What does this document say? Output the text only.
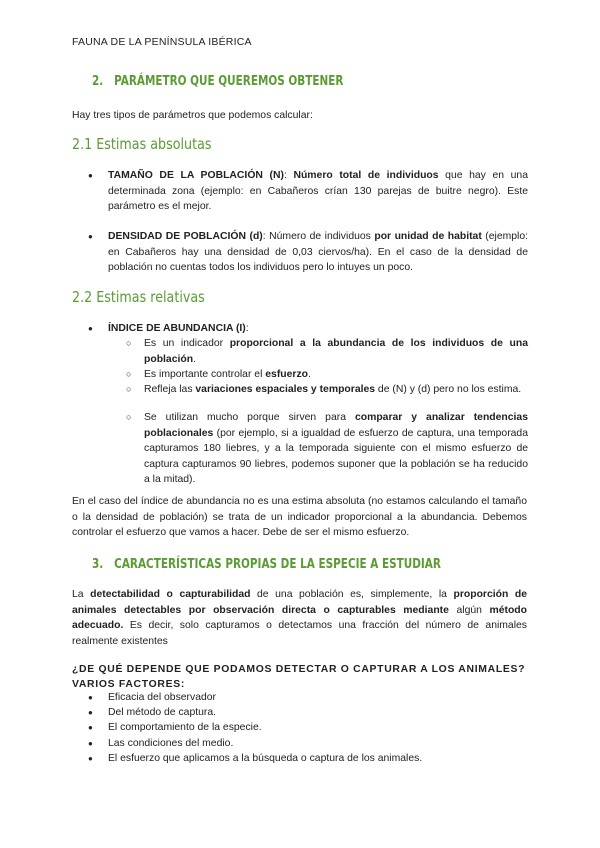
FAUNA DE LA PENÍNSULA IBÉRICA
2. PARÁMETRO QUE QUEREMOS OBTENER
Hay tres tipos de parámetros que podemos calcular:
2.1 Estimas absolutas
● TAMAÑO DE LA POBLACIÓN (N): Número total de individuos que hay en una determinada zona (ejemplo: en Cabañeros crían 130 parejas de buitre negro). Este parámetro es el mejor.
● DENSIDAD DE POBLACIÓN (d): Número de individuos por unidad de habitat (ejemplo: en Cabañeros hay una densidad de 0,03 ciervos/ha). En el caso de la densidad de población no cuentas todos los individuos pero lo intuyes un poco.
2.2 Estimas relativas
● ÍNDICE DE ABUNDANCIA (I):
○ Es un indicador proporcional a la abundancia de los individuos de una población.
○ Es importante controlar el esfuerzo.
○ Refleja las variaciones espaciales y temporales de (N) y (d) pero no los estima.
○ Se utilizan mucho porque sirven para comparar y analizar tendencias poblacionales (por ejemplo, si a igualdad de esfuerzo de captura, una temporada capturamos 180 liebres, y a la temporada siguiente con el mismo esfuerzo de captura capturamos 90 liebres, podemos suponer que la población se ha reducido a la mitad).
En el caso del índice de abundancia no es una estima absoluta (no estamos calculando el tamaño o la densidad de población) se trata de un indicador proporcional a la abundancia. Debemos controlar el esfuerzo que vamos a hacer. Debe de ser el mismo esfuerzo.
3. CARACTERÍSTICAS PROPIAS DE LA ESPECIE A ESTUDIAR
La detectabilidad o capturabilidad de una población es, simplemente, la proporción de animales detectables por observación directa o capturables mediante algún método adecuado. Es decir, solo capturamos o detectamos una fracción del número de animales realmente existentes
¿DE QUÉ DEPENDE QUE PODAMOS DETECTAR O CAPTURAR A LOS ANIMALES? VARIOS FACTORES:
● Eficacia del observador
● Del método de captura.
● El comportamiento de la especie.
● Las condiciones del medio.
● El esfuerzo que aplicamos a la búsqueda o captura de los animales.
